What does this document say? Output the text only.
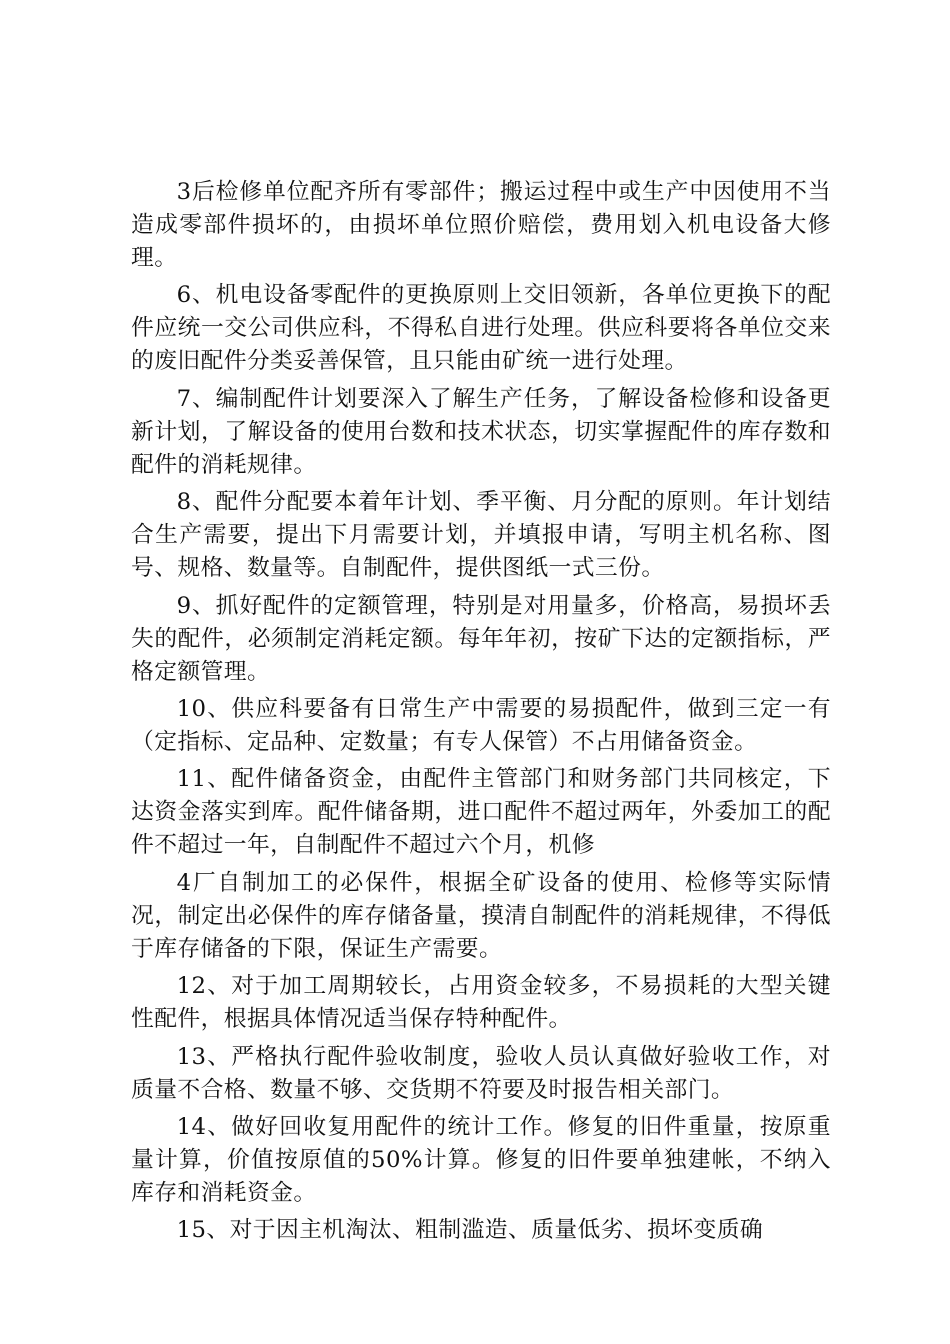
3后检修单位配齐所有零部件；搬运过程中或生产中因使用不当造成零部件损坏的，由损坏单位照价赔偿，费用划入机电设备大修理。

6、机电设备零配件的更换原则上交旧领新，各单位更换下的配件应统一交公司供应科，不得私自进行处理。供应科要将各单位交来的废旧配件分类妥善保管，且只能由矿统一进行处理。

7、编制配件计划要深入了解生产任务，了解设备检修和设备更新计划，了解设备的使用台数和技术状态，切实掌握配件的库存数和配件的消耗规律。

8、配件分配要本着年计划、季平衡、月分配的原则。年计划结合生产需要，提出下月需要计划，并填报申请，写明主机名称、图号、规格、数量等。自制配件，提供图纸一式三份。

9、抓好配件的定额管理，特别是对用量多，价格高，易损坏丢失的配件，必须制定消耗定额。每年年初，按矿下达的定额指标，严格定额管理。

10、供应科要备有日常生产中需要的易损配件，做到三定一有（定指标、定品种、定数量；有专人保管）不占用储备资金。

11、配件储备资金，由配件主管部门和财务部门共同核定，下达资金落实到库。配件储备期，进口配件不超过两年，外委加工的配件不超过一年，自制配件不超过六个月，机修

4厂自制加工的必保件，根据全矿设备的使用、检修等实际情况，制定出必保件的库存储备量，摸清自制配件的消耗规律，不得低于库存储备的下限，保证生产需要。

12、对于加工周期较长，占用资金较多，不易损耗的大型关键性配件，根据具体情况适当保存特种配件。

13、严格执行配件验收制度，验收人员认真做好验收工作，对质量不合格、数量不够、交货期不符要及时报告相关部门。

14、做好回收复用配件的统计工作。修复的旧件重量，按原重量计算，价值按原值的50%计算。修复的旧件要单独建帐，不纳入库存和消耗资金。

15、对于因主机淘汰、粗制滥造、质量低劣、损坏变质确
